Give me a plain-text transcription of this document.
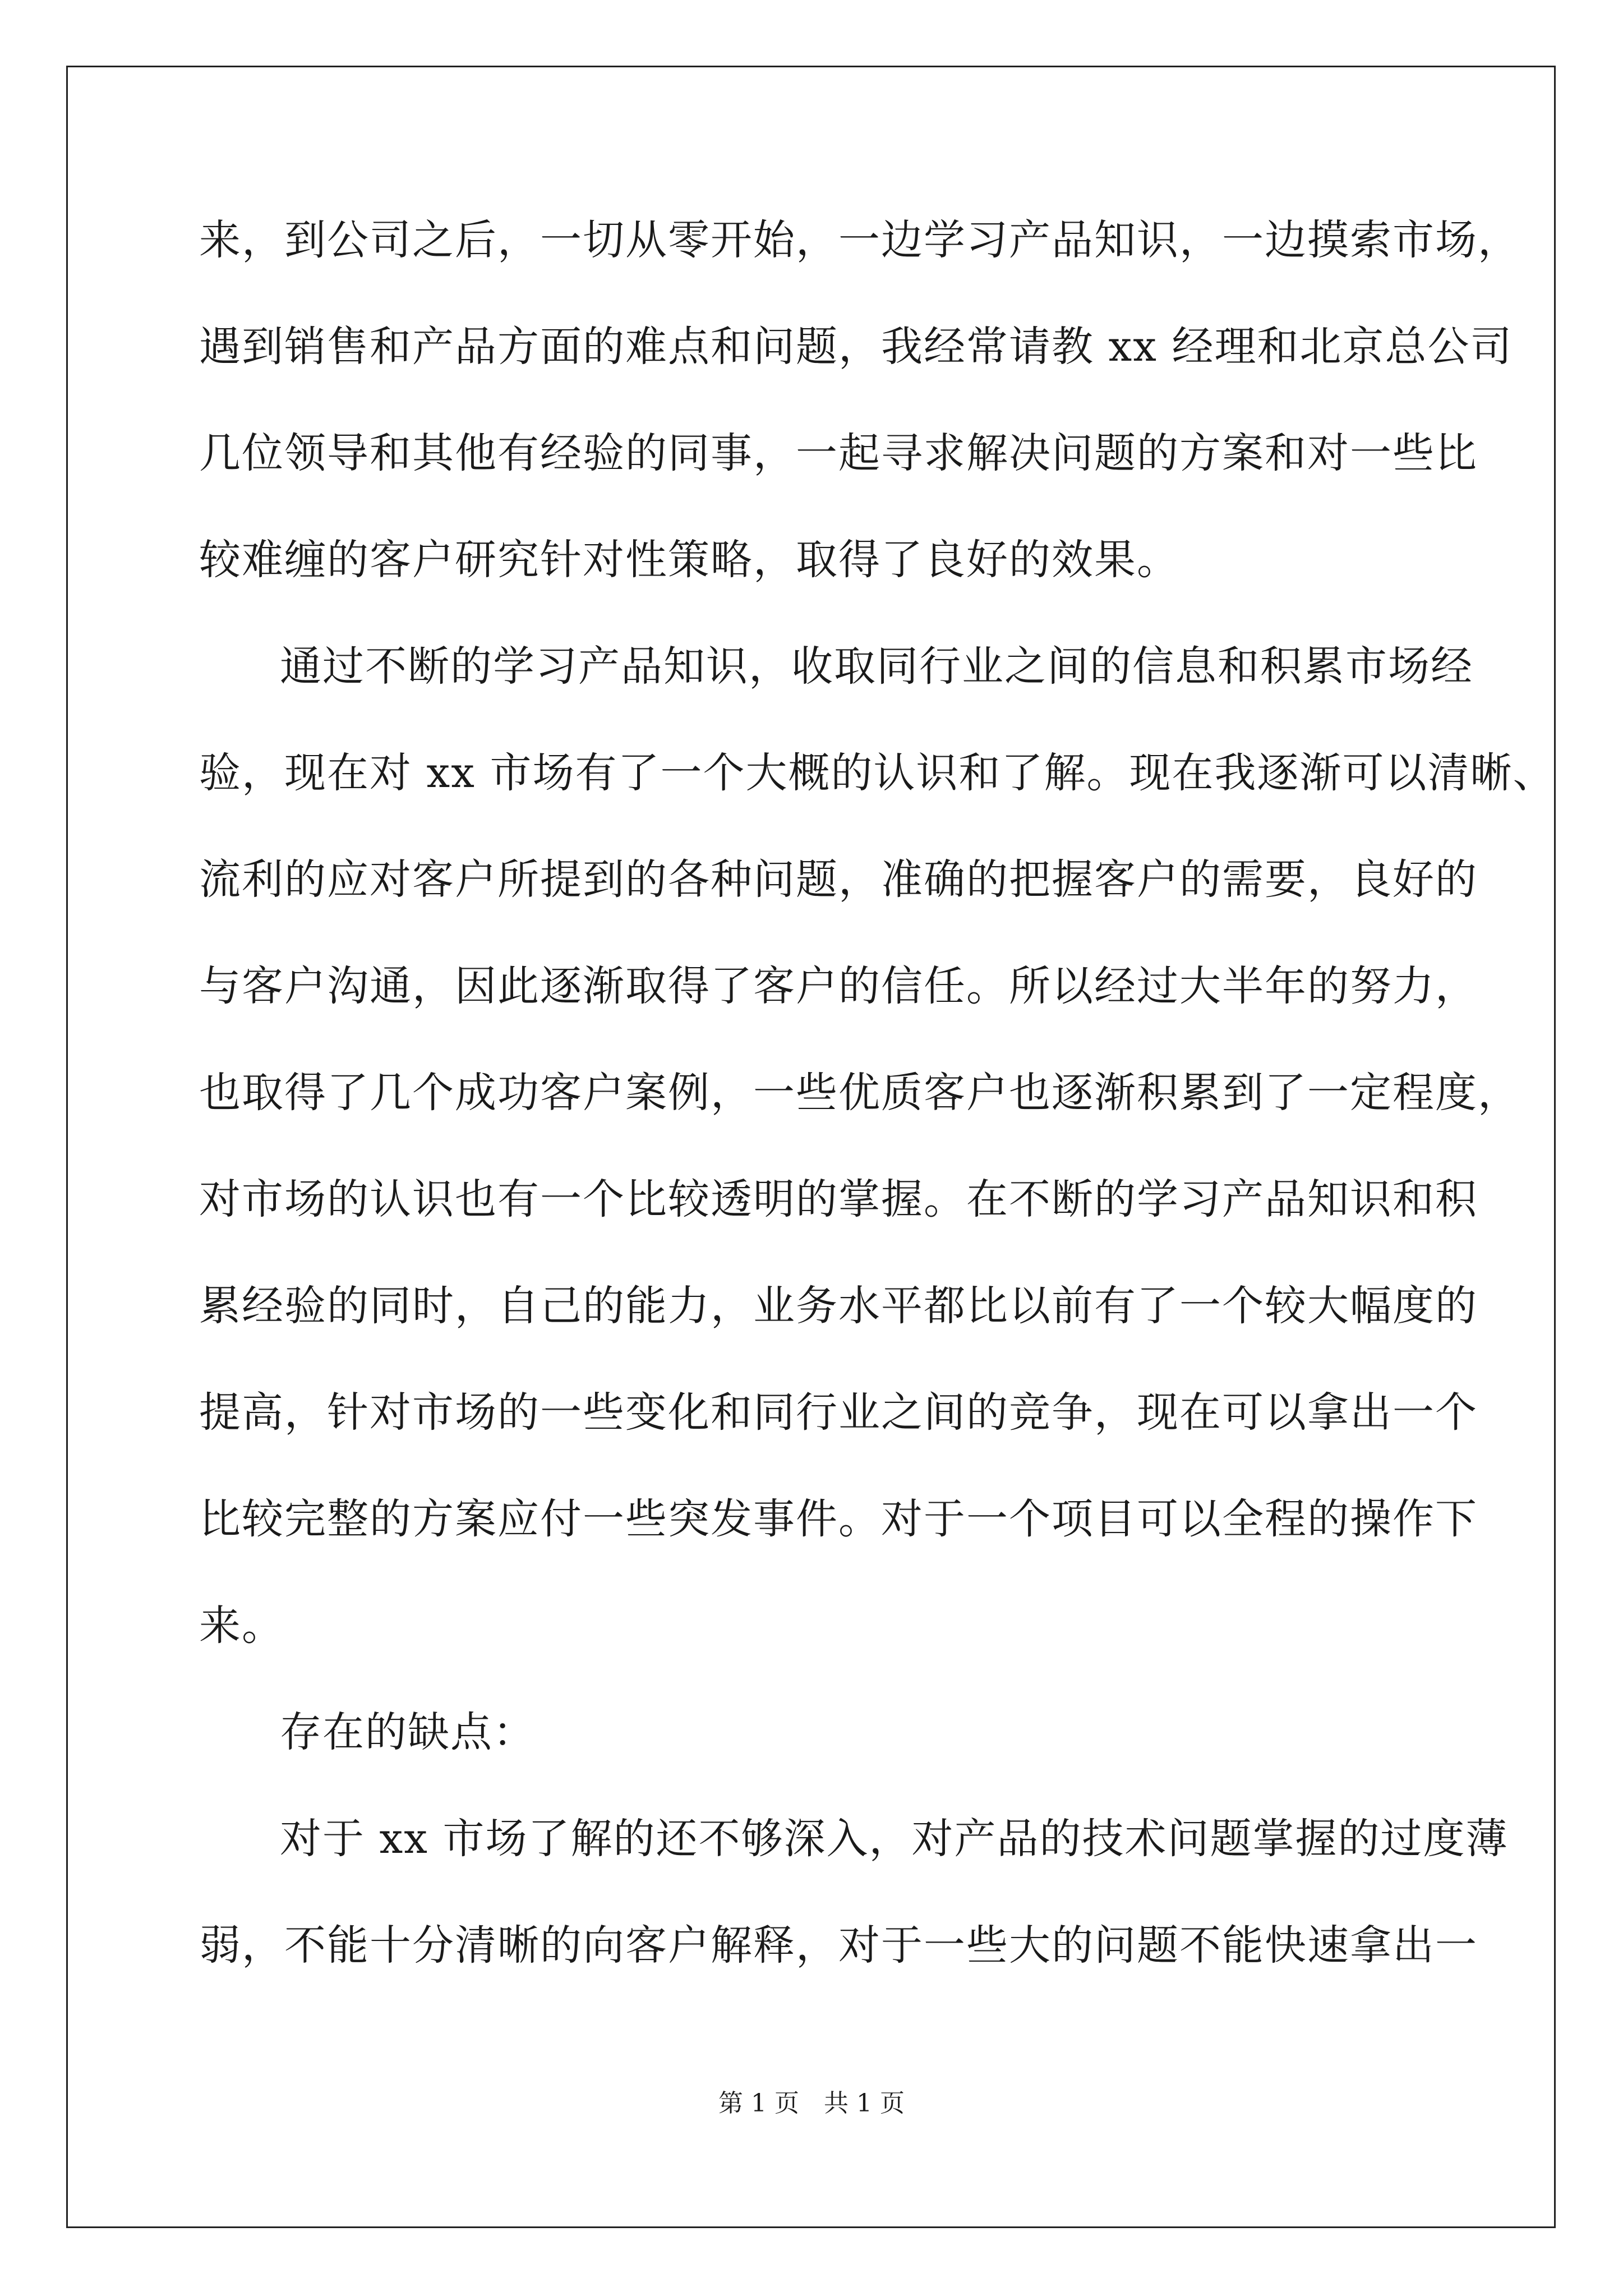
来，到公司之后，一切从零开始，一边学习产品知识，一边摸索市场，
遇到销售和产品方面的难点和问题，我经常请教 xx 经理和北京总公司
几位领导和其他有经验的同事，一起寻求解决问题的方案和对一些比
较难缠的客户研究针对性策略，取得了良好的效果。
通过不断的学习产品知识，收取同行业之间的信息和积累市场经
验，现在对 xx 市场有了一个大概的认识和了解。现在我逐渐可以清晰、
流利的应对客户所提到的各种问题，准确的把握客户的需要，良好的
与客户沟通，因此逐渐取得了客户的信任。所以经过大半年的努力，
也取得了几个成功客户案例，一些优质客户也逐渐积累到了一定程度，
对市场的认识也有一个比较透明的掌握。在不断的学习产品知识和积
累经验的同时，自己的能力，业务水平都比以前有了一个较大幅度的
提高，针对市场的一些变化和同行业之间的竞争，现在可以拿出一个
比较完整的方案应付一些突发事件。对于一个项目可以全程的操作下
来。
存在的缺点：
对于 xx 市场了解的还不够深入，对产品的技术问题掌握的过度薄
弱，不能十分清晰的向客户解释，对于一些大的问题不能快速拿出一
第 1 页　共 1 页
